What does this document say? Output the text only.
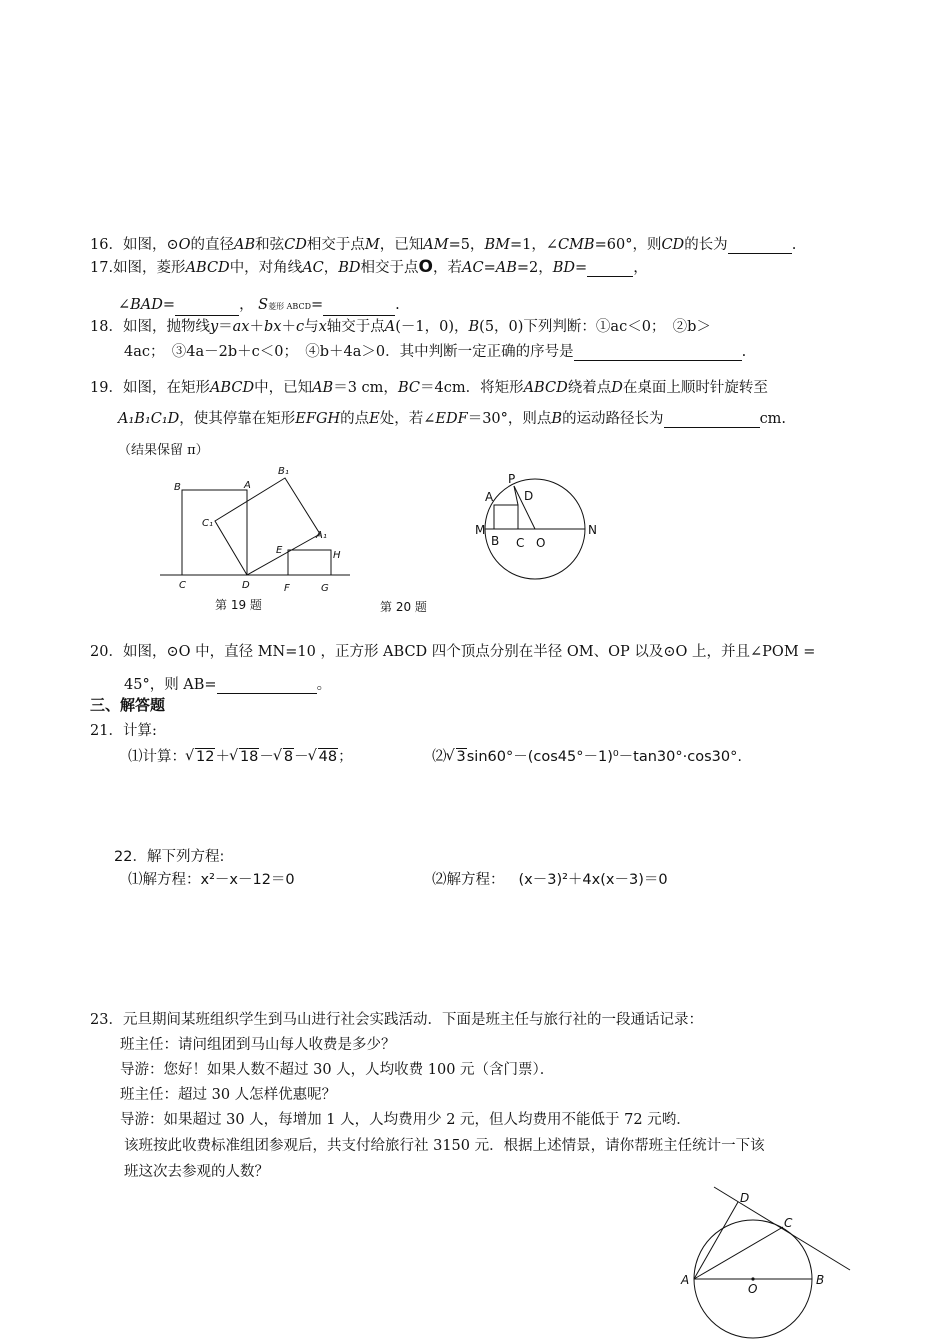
16．如图，⊙O的直径AB和弦CD相交于点M，已知AM=5，BM=1，∠CMB=60°，则CD的长为	.
17.如图，菱形ABCD中，对角线AC，BD相交于点O，若AC=AB=2，BD=	，
∠BAD=	， S菱形 ABCD=	.
18．如图，抛物线y＝ax＋bx＋c与x轴交于点A(－1，0)，B(5，0)下列判断：①ac＜0；　②b＞
4ac；　③4a－2b＋c＜0；　④b＋4a＞0．其中判断一定正确的序号是	.
19．如图，在矩形ABCD中，已知AB＝3 cm，BC＝4cm．将矩形ABCD绕着点D在桌面上顺时针旋转至
A₁B₁C₁D，使其停靠在矩形EFGH的点E处，若∠EDF＝30°，则点B的运动路径长为	cm.
（结果保留 π）
B	A
B₁
C₁
A₁
E	H
C	D	F	G
第 19 题
P
A	D
M	N
B C O
第 20 题
20．如图，⊙O 中，直径 MN=10 ，正方形 ABCD 四个顶点分别在半径 OM、OP 以及⊙O 上，并且∠POM =
45°，则 AB=	。
三、解答题
21．计算:
⑴计算： √ 12＋ √ 18－ √ 8－ √ 48；	⑵ √ 3sin60°－(cos45°－1)⁰－tan30°·cos30°.
22．解下列方程:
⑴解方程：x²－x－12＝0	⑵解方程： (x－3)²＋4x(x－3)＝0
23．元旦期间某班组织学生到马山进行社会实践活动．下面是班主任与旅行社的一段通话记录：
班主任：请问组团到马山每人收费是多少？
导游：您好！如果人数不超过 30 人，人均收费 100 元（含门票）．
班主任：超过 30 人怎样优惠呢？
导游：如果超过 30 人，每增加 1 人，人均费用少 2 元，但人均费用不能低于 72 元哟．
该班按此收费标准组团参观后，共支付给旅行社 3150 元．根据上述情景，请你帮班主任统计一下该
班这次去参观的人数？
D
C
A
O
B
